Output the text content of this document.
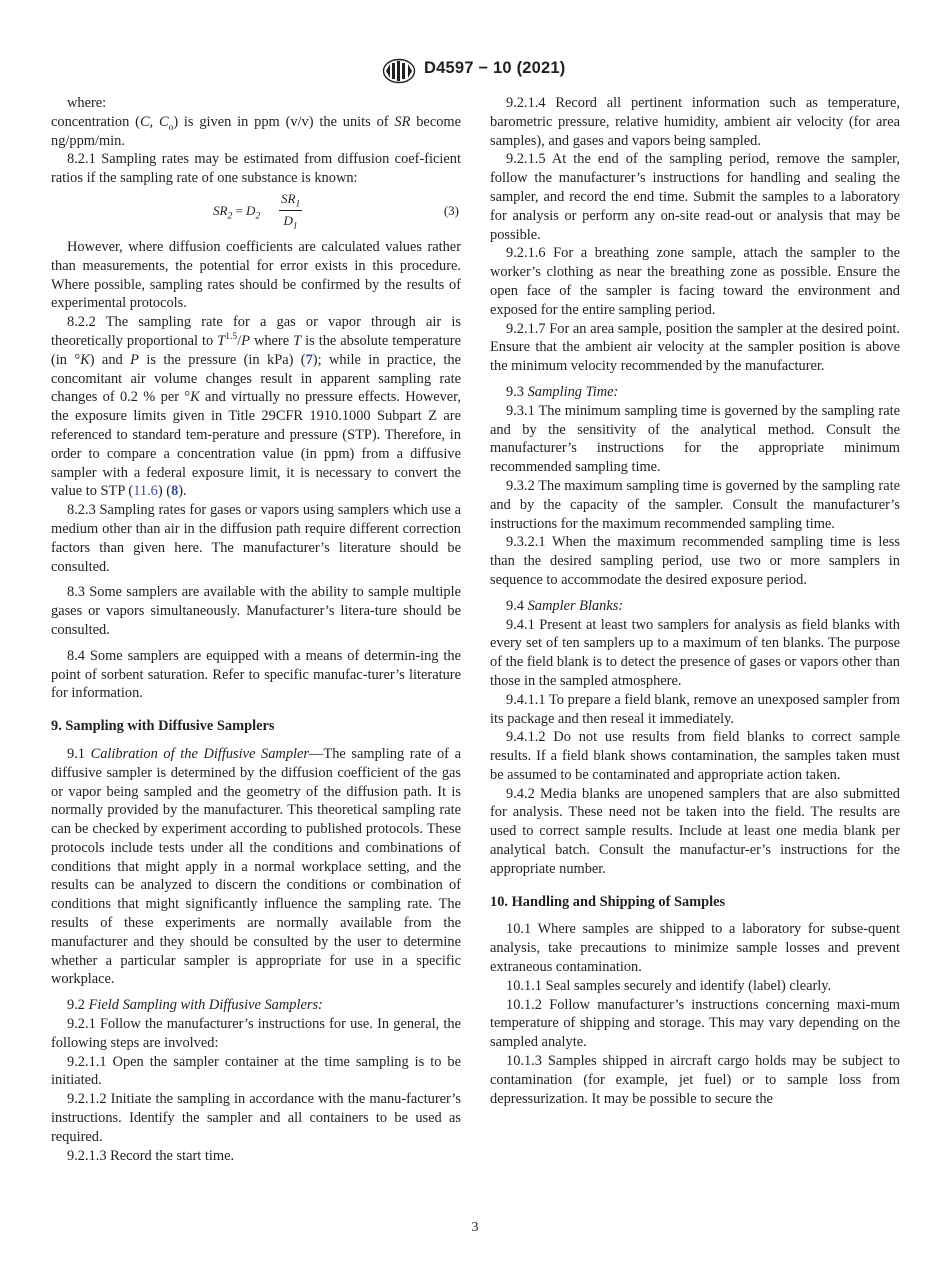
D4597 − 10 (2021)

where:

concentration (C, $C_o$) is given in ppm (v/v) the units of SR become ng/ppm/min.

8.2.1 Sampling rates may be estimated from diffusion coef-ficient ratios if the sampling rate of one substance is known:

$SR_2 = D_2 \frac{SR_1}{D_1}$	(3)

However, where diffusion coefficients are calculated values rather than measurements, the potential for error exists in this procedure. Where possible, sampling rates should be confirmed by the results of experimental protocols.

8.2.2 The sampling rate for a gas or vapor through air is theoretically proportional to $T^{1.5}/P$ where T is the absolute temperature (in °K) and P is the pressure (in kPa) (7); while in practice, the concomitant air volume changes result in apparent sampling rate changes of 0.2 % per °K and virtually no pressure effects. However, the exposure limits given in Title 29CFR 1910.1000 Subpart Z are referenced to standard tem-perature and pressure (STP). Therefore, in order to compare a concentration value (in ppm) from a diffusive sampler with a federal exposure limit, it is necessary to convert the value to STP (11.6) (8).

8.2.3 Sampling rates for gases or vapors using samplers which use a medium other than air in the diffusion path require different correction factors than given here. The manufacturer’s literature should be consulted.

8.3 Some samplers are available with the ability to sample multiple gases or vapors simultaneously. Manufacturer’s litera-ture should be consulted.

8.4 Some samplers are equipped with a means of determin-ing the point of sorbent saturation. Refer to specific manufac-turer’s literature for information.

9. Sampling with Diffusive Samplers

9.1 Calibration of the Diffusive Sampler—The sampling rate of a diffusive sampler is determined by the diffusion coefficient of the gas or vapor being sampled and the geometry of the diffusion path. It is normally provided by the manufacturer. This theoretical sampling rate can be checked by experiment according to published protocols. These protocols include tests under all the conditions and combinations of conditions that might apply in a normal workplace setting, and the results can be analyzed to discern the conditions or combination of conditions that might significantly influence the sampling rate. The results of these experiments are normally available from the manufacturer and they should be consulted by the user to determine whether a particular sampler is appropriate for use in a specific workplace.

9.2 Field Sampling with Diffusive Samplers:

9.2.1 Follow the manufacturer’s instructions for use. In general, the following steps are involved:

9.2.1.1 Open the sampler container at the time sampling is to be initiated.

9.2.1.2 Initiate the sampling in accordance with the manu-facturer’s instructions. Identify the sampler and all containers to be used as required.

9.2.1.3 Record the start time.

9.2.1.4 Record all pertinent information such as temperature, barometric pressure, relative humidity, ambient air velocity (for area samples), and gases and vapors being sampled.

9.2.1.5 At the end of the sampling period, remove the sampler, follow the manufacturer’s instructions for handling and sealing the sampler, and record the end time. Submit the samples to a laboratory for analysis or perform any on-site read-out or analysis that may be possible.

9.2.1.6 For a breathing zone sample, attach the sampler to the worker’s clothing as near the breathing zone as possible. Ensure the open face of the sampler is facing toward the environment and exposed for the entire sampling period.

9.2.1.7 For an area sample, position the sampler at the desired point. Ensure that the ambient air velocity at the sampler position is above the minimum velocity recommended by the manufacturer.

9.3 Sampling Time:

9.3.1 The minimum sampling time is governed by the sampling rate and by the sensitivity of the analytical method. Consult the manufacturer’s instructions for the appropriate minimum recommended sampling time.

9.3.2 The maximum sampling time is governed by the sampling rate and by the capacity of the sampler. Consult the manufacturer’s instructions for the maximum recommended sampling time.

9.3.2.1 When the maximum recommended sampling time is less than the desired sampling period, use two or more samplers in sequence to accommodate the desired exposure period.

9.4 Sampler Blanks:

9.4.1 Present at least two samplers for analysis as field blanks with every set of ten samplers up to a maximum of ten blanks. The purpose of the field blank is to detect the presence of gases or vapors other than those in the sampled atmosphere.

9.4.1.1 To prepare a field blank, remove an unexposed sampler from its package and then reseal it immediately.

9.4.1.2 Do not use results from field blanks to correct sample results. If a field blank shows contamination, the samples taken must be assumed to be contaminated and appropriate action taken.

9.4.2 Media blanks are unopened samplers that are also submitted for analysis. These need not be taken into the field. The results are used to correct sample results. Include at least one media blank per analytical batch. Consult the manufactur-er’s instructions for the appropriate number.

10. Handling and Shipping of Samples

10.1 Where samples are shipped to a laboratory for subse-quent analysis, take precautions to minimize sample losses and prevent extraneous contamination.

10.1.1 Seal samples securely and identify (label) clearly.

10.1.2 Follow manufacturer’s instructions concerning maxi-mum temperature of shipping and storage. This may vary depending on the sampled analyte.

10.1.3 Samples shipped in aircraft cargo holds may be subject to contamination (for example, jet fuel) or to sample loss from depressurization. It may be possible to secure the

3
